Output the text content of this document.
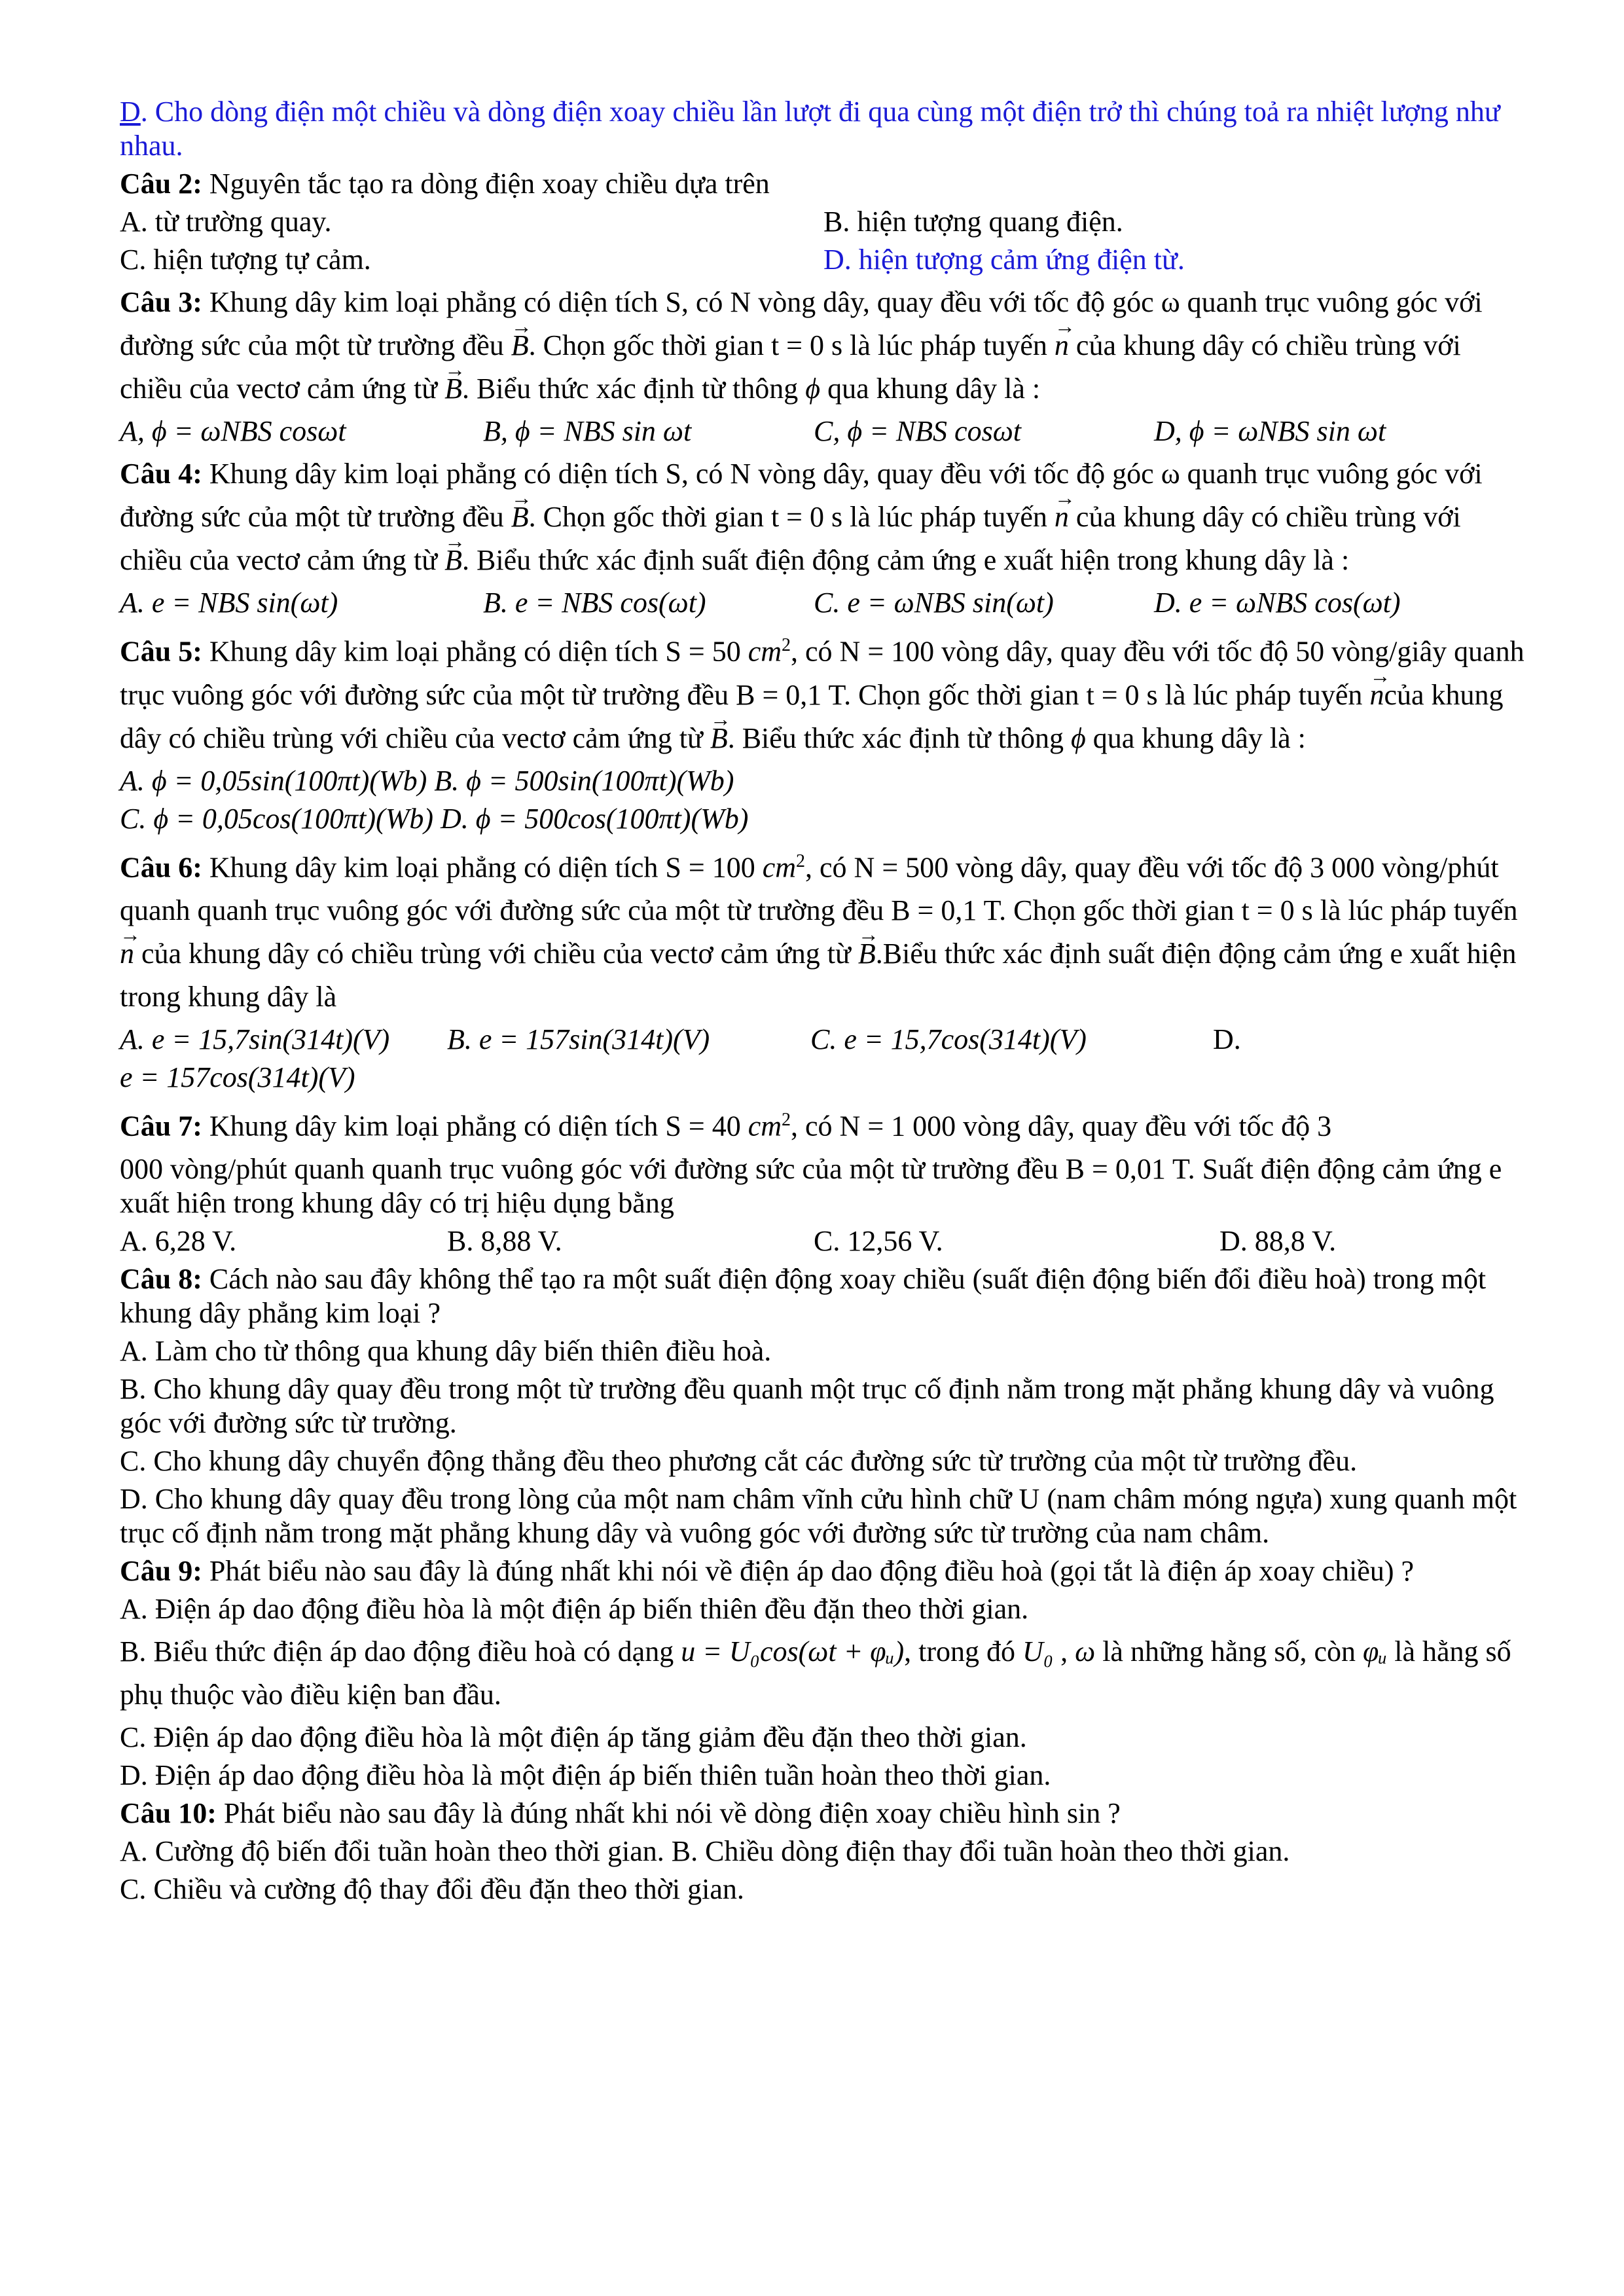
D. Cho dòng điện một chiều và dòng điện xoay chiều lần lượt đi qua cùng một điện trở thì chúng toả ra nhiệt lượng như nhau.

Câu 2: Nguyên tắc tạo ra dòng điện xoay chiều dựa trên

A. từ trường quay.	B. hiện tượng quang điện.
C. hiện tượng tự cảm.	D. hiện tượng cảm ứng điện từ.

Câu 3: Khung dây kim loại phẳng có diện tích S, có N vòng dây, quay đều với tốc độ góc ω quanh trục vuông góc với đường sức của một từ trường đều → B. Chọn gốc thời gian t = 0 s là lúc pháp tuyến → n của khung dây có chiều trùng với chiều của vectơ cảm ứng từ → B. Biểu thức xác định từ thông ϕ qua khung dây là :

A, ϕ = ωNBS cosωt	B, ϕ = NBS sin ωt	C, ϕ = NBS cosωt	D, ϕ = ωNBS sin ωt

Câu 4: Khung dây kim loại phẳng có diện tích S, có N vòng dây, quay đều với tốc độ góc ω quanh trục vuông góc với đường sức của một từ trường đều → B. Chọn gốc thời gian t = 0 s là lúc pháp tuyến → n của khung dây có chiều trùng với chiều của vectơ cảm ứng từ → B. Biểu thức xác định suất điện động cảm ứng e xuất hiện trong khung dây là :

A. e = NBS sin(ωt)	B. e = NBS cos(ωt)	C. e = ωNBS sin(ωt)	D. e = ωNBS cos(ωt)

Câu 5: Khung dây kim loại phẳng có diện tích S = 50 $cm^2$, có N = 100 vòng dây, quay đều với tốc độ 50 vòng/giây quanh trục vuông góc với đường sức của một từ trường đều B = 0,1 T. Chọn gốc thời gian t = 0 s là lúc pháp tuyến → ncủa khung dây có chiều trùng với chiều của vectơ cảm ứng từ → B. Biểu thức xác định từ thông ϕ qua khung dây là :

A. ϕ = 0,05sin(100πt)(Wb) B. ϕ = 500sin(100πt)(Wb)

C. ϕ = 0,05cos(100πt)(Wb) D. ϕ = 500cos(100πt)(Wb)

Câu 6: Khung dây kim loại phẳng có diện tích S = 100 $cm^2$, có N = 500 vòng dây, quay đều với tốc độ 3 000 vòng/phút quanh quanh trục vuông góc với đường sức của một từ trường đều B = 0,1 T. Chọn gốc thời gian t = 0 s là lúc pháp tuyến → n của khung dây có chiều trùng với chiều của vectơ cảm ứng từ → B.Biểu thức xác định suất điện động cảm ứng e xuất hiện trong khung dây là

A. e = 15,7sin(314t)(V)	B. e = 157sin(314t)(V)	C. e = 15,7cos(314t)(V)	D.

e = 157cos(314t)(V)

Câu 7: Khung dây kim loại phẳng có diện tích S = 40 $cm^2$, có N = 1 000 vòng dây, quay đều với tốc độ 3

000 vòng/phút quanh quanh trục vuông góc với đường sức của một từ trường đều B = 0,01 T. Suất điện động cảm ứng e xuất hiện trong khung dây có trị hiệu dụng bằng

A. 6,28 V.	B. 8,88 V.	C. 12,56 V.	D. 88,8 V.

Câu 8: Cách nào sau đây không thể tạo ra một suất điện động xoay chiều (suất điện động biến đổi điều hoà) trong một khung dây phẳng kim loại ?

A. Làm cho từ thông qua khung dây biến thiên điều hoà.

B. Cho khung dây quay đều trong một từ trường đều quanh một trục cố định nằm trong mặt phẳng khung dây và vuông góc với đường sức từ trường.

C. Cho khung dây chuyển động thẳng đều theo phương cắt các đường sức từ trường của một từ trường đều.

D. Cho khung dây quay đều trong lòng của một nam châm vĩnh cửu hình chữ U (nam châm móng ngựa) xung quanh một trục cố định nằm trong mặt phẳng khung dây và vuông góc với đường sức từ trường của nam châm.

Câu 9: Phát biểu nào sau đây là đúng nhất khi nói về điện áp dao động điều hoà (gọi tắt là điện áp xoay chiều) ?

A. Điện áp dao động điều hòa là một điện áp biến thiên đều đặn theo thời gian.

B. Biểu thức điện áp dao động điều hoà có dạng u = U₀cos(ωt + φᵤ), trong đó U₀ , ω là những hằng số, còn φᵤ là hằng số phụ thuộc vào điều kiện ban đầu.

C. Điện áp dao động điều hòa là một điện áp tăng giảm đều đặn theo thời gian.

D. Điện áp dao động điều hòa là một điện áp biến thiên tuần hoàn theo thời gian.

Câu 10: Phát biểu nào sau đây là đúng nhất khi nói về dòng điện xoay chiều hình sin ?

A. Cường độ biến đổi tuần hoàn theo thời gian. B. Chiều dòng điện thay đổi tuần hoàn theo thời gian.

C. Chiều và cường độ thay đổi đều đặn theo thời gian.
